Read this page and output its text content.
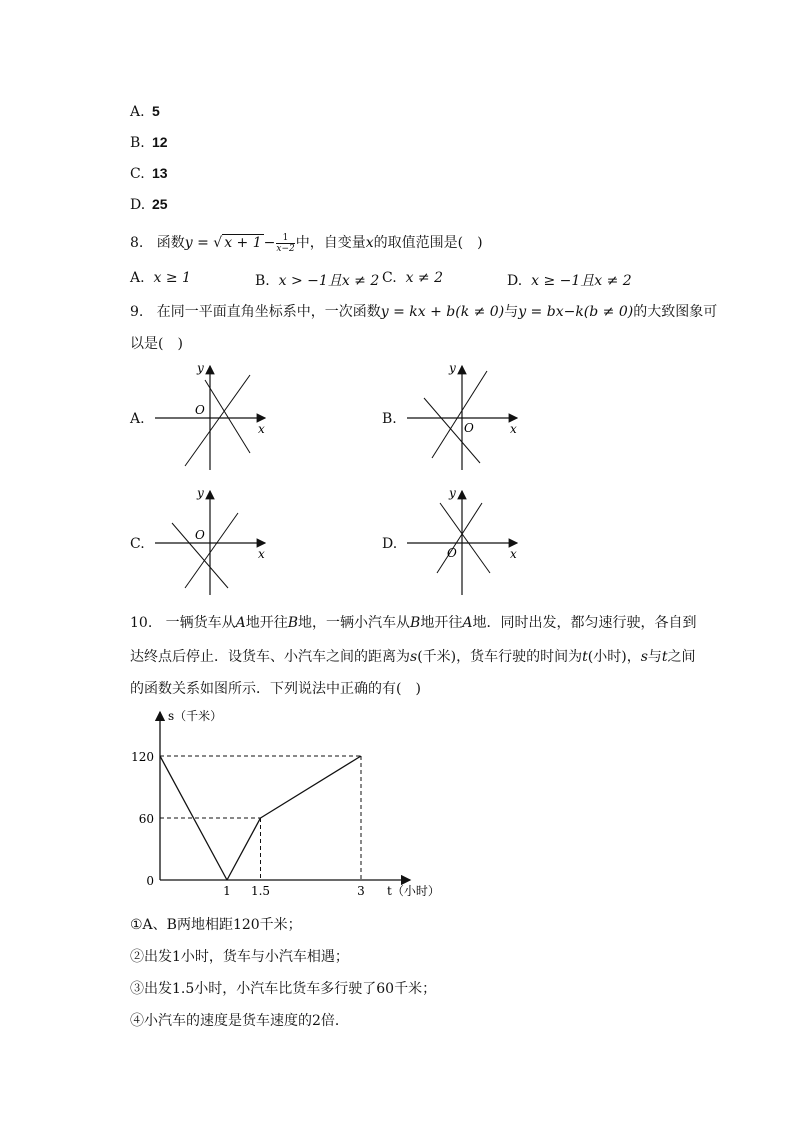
A. 5
B. 12
C. 13
D. 25
8. 函数y = √ $x + 1 - \frac{1}{x-2}$ 中，自变量x的取值范围是(　)
A. x ≥ 1	B. x > −1且x ≠ 2 C. x ≠ 2	D. x ≥ −1且x ≠ 2
9. 在同一平面直角坐标系中，一次函数y = kx + b(k ≠ 0)与y = bx−k(b ≠ 0)的大致图象可
以是(　)
A.	B.
C.	D.
y
O
x
y
O	x
y
O
x
y
O	x
10. 一辆货车从A地开往B地，一辆小汽车从B地开往A地．同时出发，都匀速行驶，各自到
达终点后停止．设货车、小汽车之间的距离为s(千米)，货车行驶的时间为t(小时)，s与t之间
的函数关系如图所示．下列说法中正确的有(　)
s（千米）
t（小时）
1 1.5	3
0
60
120
①A、B两地相距120千米；
②出发1小时，货车与小汽车相遇；
③出发1.5小时，小汽车比货车多行驶了60千米；
④小汽车的速度是货车速度的2倍．
